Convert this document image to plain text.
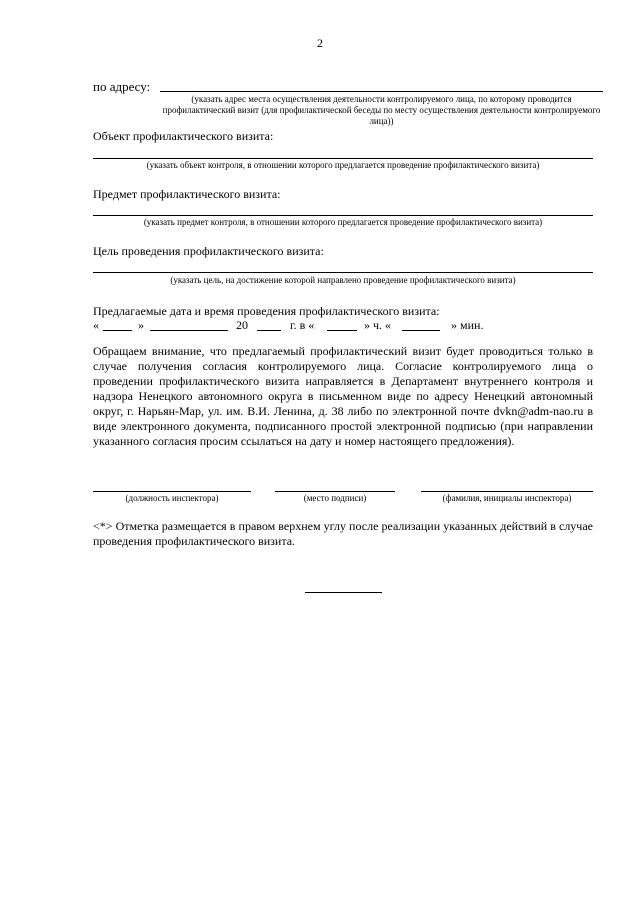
2
по адресу:
(указать адрес места осуществления деятельности контролируемого лица, по которому проводится профилактический визит (для профилактической беседы по месту осуществления деятельности контролируемого лица))
Объект профилактического визита:
(указать объект контроля, в отношении которого предлагается проведение профилактического визита)
Предмет профилактического визита:
(указать предмет контроля, в отношении которого предлагается проведение профилактического визита)
Цель проведения профилактического визита:
(указать цель, на достижение которой направлено проведение профилактического визита)
Предлагаемые дата и время проведения профилактического визита:
«	»	20	г. в «	» ч. «	» мин.
Обращаем внимание, что предлагаемый профилактический визит будет проводиться только в случае получения согласия контролируемого лица. Согласие контролируемого лица о проведении профилактического визита направляется в Департамент внутреннего контроля и надзора Ненецкого автономного округа в письменном виде по адресу Ненецкий автономный округ, г. Нарьян-Мар, ул. им. В.И. Ленина, д. 38 либо по электронной почте dvkn@adm-nao.ru в виде электронного документа, подписанного простой электронной подписью (при направлении указанного согласия просим ссылаться на дату и номер настоящего предложения).
(должность инспектора)	(место подписи)	(фамилия, инициалы инспектора)
<*> Отметка размещается в правом верхнем углу после реализации указанных действий в случае проведения профилактического визита.
